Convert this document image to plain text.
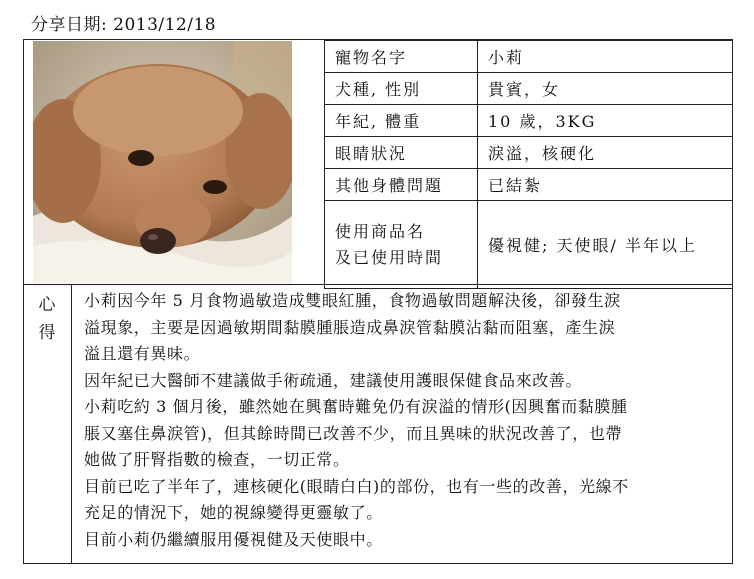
分享日期: 2013/12/18
寵物名字	小莉
犬種, 性別	貴賓，女
年紀, 體重	10 歲，3KG
眼睛狀況	淚溢，核硬化
其他身體問題	已結紮

使用商品名
及已使用時間	優視健; 天使眼/ 半年以上
心
得

小莉因今年 5 月食物過敏造成雙眼紅腫，食物過敏問題解決後，卻發生淚

溢現象，主要是因過敏期間黏膜腫脹造成鼻淚管黏膜沾黏而阻塞，產生淚

溢且還有異味。

因年紀已大醫師不建議做手術疏通，建議使用護眼保健食品來改善。

小莉吃約 3 個月後，雖然她在興奮時難免仍有淚溢的情形(因興奮而黏膜腫

脹又塞住鼻淚管)，但其餘時間已改善不少，而且異味的狀況改善了，也帶

她做了肝腎指數的檢查，一切正常。

目前已吃了半年了，連核硬化(眼睛白白)的部份，也有一些的改善，光線不

充足的情況下，她的視線變得更靈敏了。

目前小莉仍繼續服用優視健及天使眼中。
